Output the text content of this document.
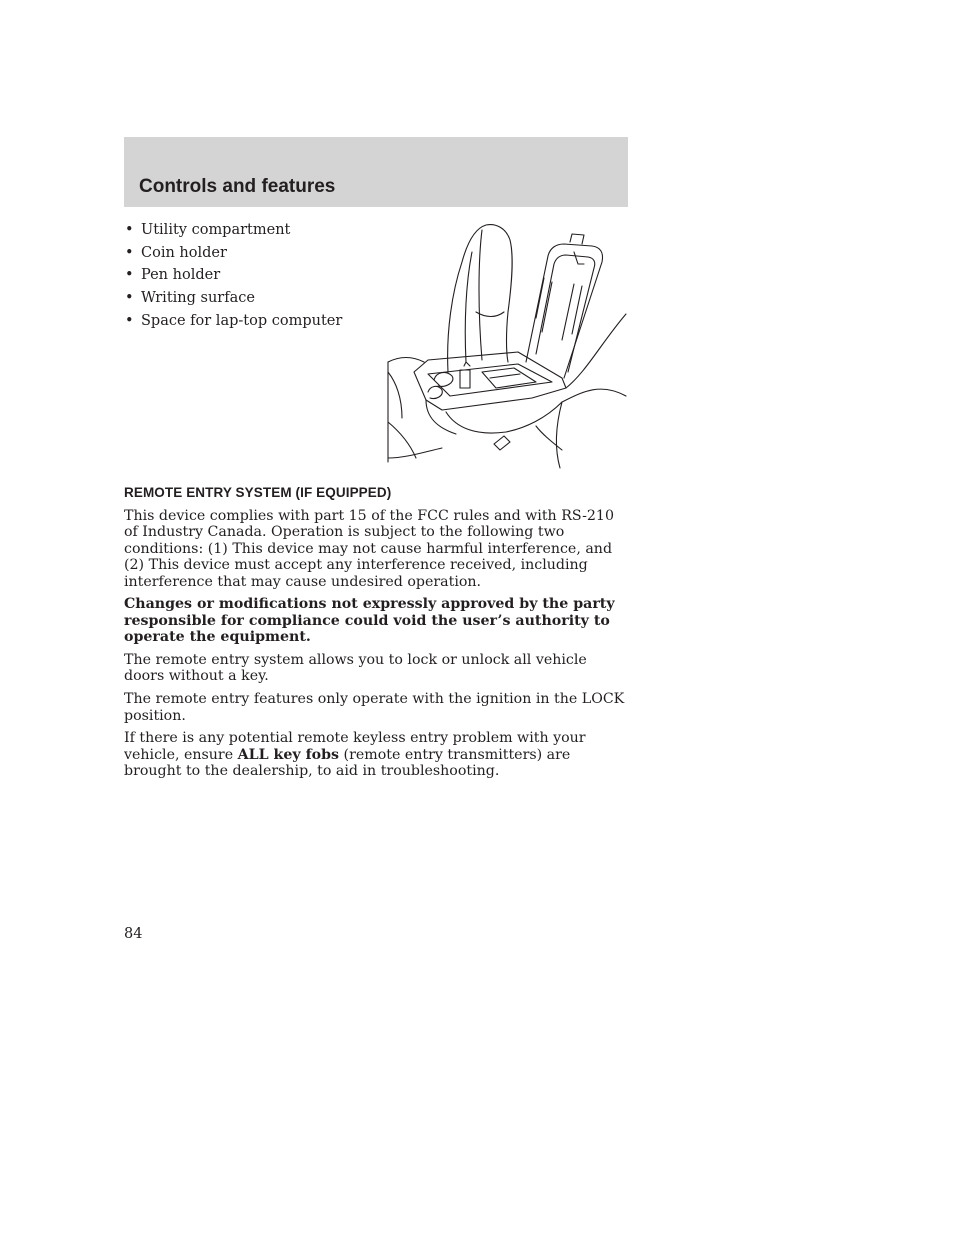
Controls and features
• Utility compartment
• Coin holder
• Pen holder
• Writing surface
• Space for lap-top computer
REMOTE ENTRY SYSTEM (IF EQUIPPED)

This device complies with part 15 of the FCC rules and with RS-210 of Industry Canada. Operation is subject to the following two conditions: (1) This device may not cause harmful interference, and (2) This device must accept any interference received, including interference that may cause undesired operation.

Changes or modifications not expressly approved by the party responsible for compliance could void the user’s authority to operate the equipment.

The remote entry system allows you to lock or unlock all vehicle doors without a key.

The remote entry features only operate with the ignition in the LOCK position.

If there is any potential remote keyless entry problem with your vehicle, ensure ALL key fobs (remote entry transmitters) are brought to the dealership, to aid in troubleshooting.

84
